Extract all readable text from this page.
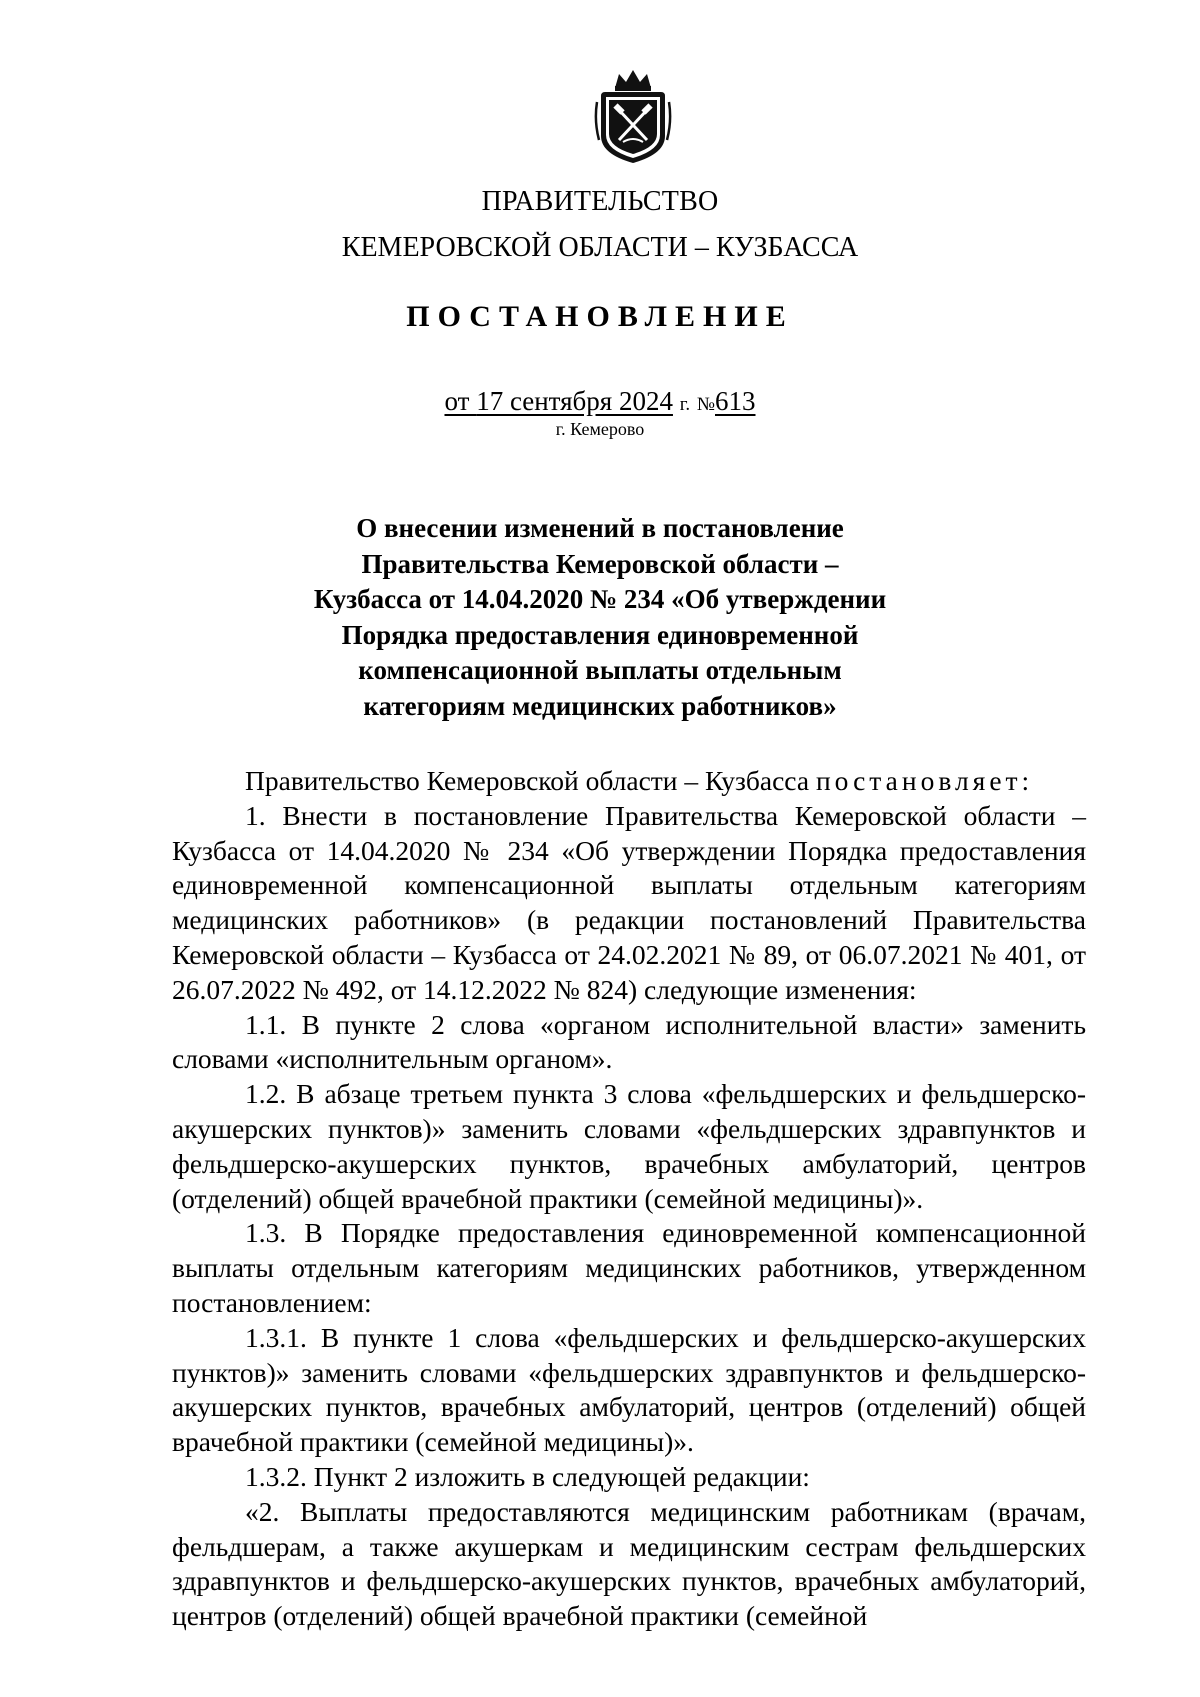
ПРАВИТЕЛЬСТВО
КЕМЕРОВСКОЙ ОБЛАСТИ – КУЗБАССА
ПОСТАНОВЛЕНИЕ
от 17 сентября 2024 г. №613
г. Кемерово
О внесении изменений в постановление
Правительства Кемеровской области –
Кузбасса от 14.04.2020 № 234 «Об утверждении
Порядка предоставления единовременной
компенсационной выплаты отдельным
категориям медицинских работников»

Правительство Кемеровской области – Кузбасса постановляет:

1. Внести в постановление Правительства Кемеровской области – Кузбасса от 14.04.2020 № 234 «Об утверждении Порядка предоставления единовременной компенсационной выплаты отдельным категориям медицинских работников» (в редакции постановлений Правительства Кемеровской области – Кузбасса от 24.02.2021 № 89, от 06.07.2021 № 401, от 26.07.2022 № 492, от 14.12.2022 № 824) следующие изменения:

1.1. В пункте 2 слова «органом исполнительной власти» заменить словами «исполнительным органом».

1.2. В абзаце третьем пункта 3 слова «фельдшерских и фельдшерско-акушерских пунктов)» заменить словами «фельдшерских здравпунктов и фельдшерско-акушерских пунктов, врачебных амбулаторий, центров (отделений) общей врачебной практики (семейной медицины)».

1.3. В Порядке предоставления единовременной компенсационной выплаты отдельным категориям медицинских работников, утвержденном постановлением:

1.3.1. В пункте 1 слова «фельдшерских и фельдшерско-акушерских пунктов)» заменить словами «фельдшерских здравпунктов и фельдшерско-акушерских пунктов, врачебных амбулаторий, центров (отделений) общей врачебной практики (семейной медицины)».

1.3.2. Пункт 2 изложить в следующей редакции:

«2. Выплаты предоставляются медицинским работникам (врачам, фельдшерам, а также акушеркам и медицинским сестрам фельдшерских здравпунктов и фельдшерско-акушерских пунктов, врачебных амбулаторий, центров (отделений) общей врачебной практики (семейной
